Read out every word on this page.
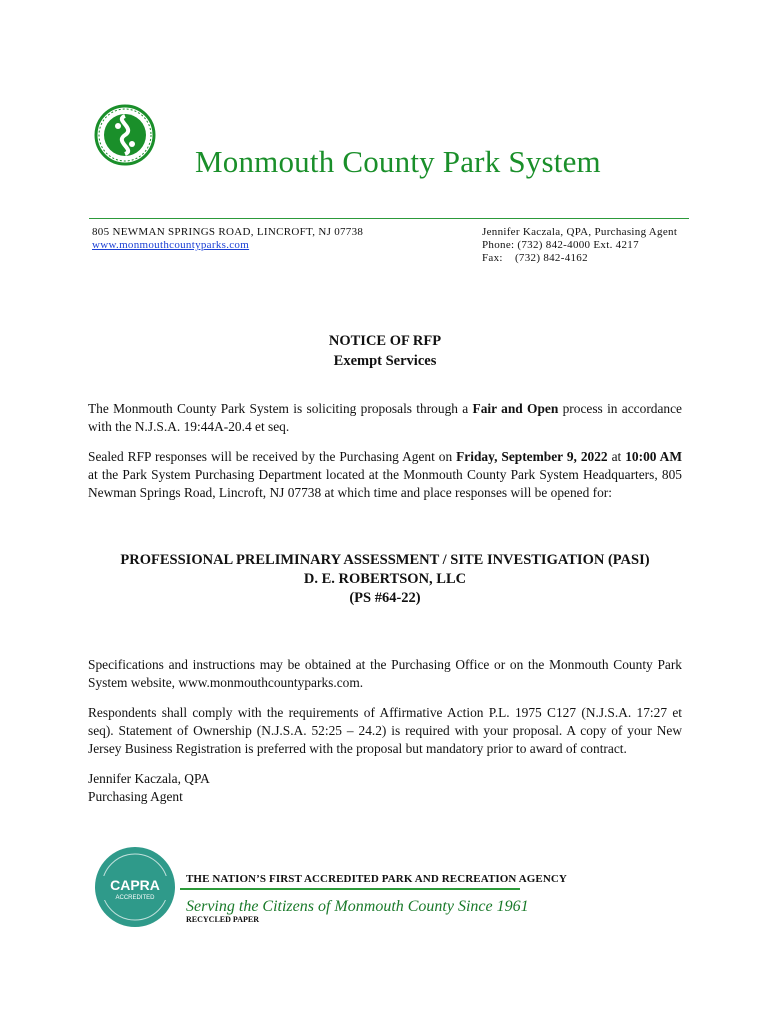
Monmouth County Park System
805 NEWMAN SPRINGS ROAD, LINCROFT, NJ 07738
www.monmouthcountyparks.com
Jennifer Kaczala, QPA, Purchasing Agent
Phone: (732) 842-4000 Ext. 4217
Fax:    (732) 842-4162
NOTICE OF RFP
Exempt Services
The Monmouth County Park System is soliciting proposals through a Fair and Open process in accordance with the N.J.S.A. 19:44A-20.4 et seq.
Sealed RFP responses will be received by the Purchasing Agent on Friday, September 9, 2022 at 10:00 AM at the Park System Purchasing Department located at the Monmouth County Park System Headquarters, 805 Newman Springs Road, Lincroft, NJ 07738 at which time and place responses will be opened for:
PROFESSIONAL PRELIMINARY ASSESSMENT / SITE INVESTIGATION (PASI)
D. E. ROBERTSON, LLC
(PS #64-22)
Specifications and instructions may be obtained at the Purchasing Office or on the Monmouth County Park System website, www.monmouthcountyparks.com.
Respondents shall comply with the requirements of Affirmative Action P.L. 1975 C127 (N.J.S.A. 17:27 et seq). Statement of Ownership (N.J.S.A. 52:25 – 24.2) is required with your proposal. A copy of your New Jersey Business Registration is preferred with the proposal but mandatory prior to award of contract.
Jennifer Kaczala, QPA
Purchasing Agent
CAPRA
ACCREDITED
THE NATION’S FIRST ACCREDITED PARK AND RECREATION AGENCY
Serving the Citizens of Monmouth County Since 1961
RECYCLED PAPER
